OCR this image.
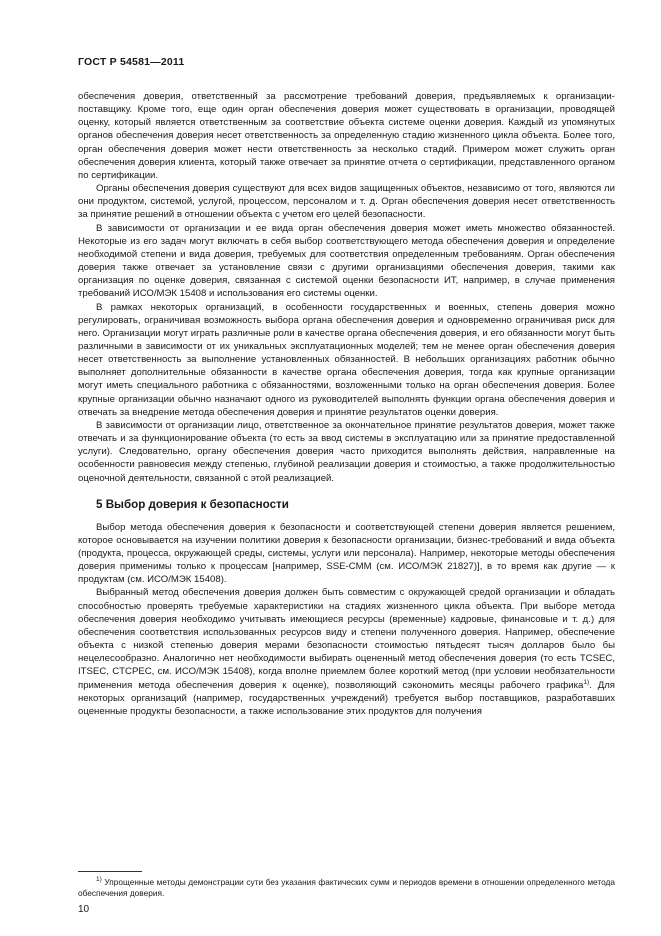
ГОСТ Р 54581—2011

обеспечения доверия, ответственный за рассмотрение требований доверия, предъявляемых к организации-поставщику. Кроме того, еще один орган обеспечения доверия может существовать в организации, проводящей оценку, который является ответственным за соответствие объекта системе оценки доверия. Каждый из упомянутых органов обеспечения доверия несет ответственность за определенную стадию жизненного цикла объекта. Более того, орган обеспечения доверия может нести ответственность за несколько стадий. Примером может служить орган обеспечения доверия клиента, который также отвечает за принятие отчета о сертификации, представленного органом по сертификации.

Органы обеспечения доверия существуют для всех видов защищенных объектов, независимо от того, являются ли они продуктом, системой, услугой, процессом, персоналом и т. д. Орган обеспечения доверия несет ответственность за принятие решений в отношении объекта с учетом его целей безопасности.

В зависимости от организации и ее вида орган обеспечения доверия может иметь множество обязанностей. Некоторые из его задач могут включать в себя выбор соответствующего метода обеспечения доверия и определение необходимой степени и вида доверия, требуемых для соответствия определенным требованиям. Орган обеспечения доверия также отвечает за установление связи с другими организациями обеспечения доверия, такими как организация по оценке доверия, связанная с системой оценки безопасности ИТ, например, в случае применения требований ИСО/МЭК 15408 и использования его системы оценки.

В рамках некоторых организаций, в особенности государственных и военных, степень доверия можно регулировать, ограничивая возможность выбора органа обеспечения доверия и одновременно ограничивая риск для него. Организации могут играть различные роли в качестве органа обеспечения доверия, и его обязанности могут быть различными в зависимости от их уникальных эксплуатационных моделей; тем не менее орган обеспечения доверия несет ответственность за выполнение установленных обязанностей. В небольших организациях работник обычно выполняет дополнительные обязанности в качестве органа обеспечения доверия, тогда как крупные организации могут иметь специального работника с обязанностями, возложенными только на орган обеспечения доверия. Более крупные организации обычно назначают одного из руководителей выполнять функции органа обеспечения доверия и отвечать за внедрение метода обеспечения доверия и принятие результатов оценки доверия.

В зависимости от организации лицо, ответственное за окончательное принятие результатов доверия, может также отвечать и за функционирование объекта (то есть за ввод системы в эксплуатацию или за принятие предоставленной услуги). Следовательно, органу обеспечения доверия часто приходится выполнять действия, направленные на особенности равновесия между степенью, глубиной реализации доверия и стоимостью, а также продолжительностью оценочной деятельности, связанной с этой реализацией.

5 Выбор доверия к безопасности

Выбор метода обеспечения доверия к безопасности и соответствующей степени доверия является решением, которое основывается на изучении политики доверия к безопасности организации, бизнес-требований и вида объекта (продукта, процесса, окружающей среды, системы, услуги или персонала). Например, некоторые методы обеспечения доверия применимы только к процессам [например, SSE-CMM (см. ИСО/МЭК 21827)], в то время как другие — к продуктам (см. ИСО/МЭК 15408).

Выбранный метод обеспечения доверия должен быть совместим с окружающей средой организации и обладать способностью проверять требуемые характеристики на стадиях жизненного цикла объекта. При выборе метода обеспечения доверия необходимо учитывать имеющиеся ресурсы (временные) кадровые, финансовые и т. д.) для обеспечения соответствия использованных ресурсов виду и степени полученного доверия. Например, обеспечение объекта с низкой степенью доверия мерами безопасности стоимостью пятьдесят тысяч долларов было бы нецелесообразно. Аналогично нет необходимости выбирать оцененный метод обеспечения доверия (то есть TCSEC, ITSEC, CTCPEC, см. ИСО/МЭК 15408), когда вполне приемлем более короткий метод (при условии необязательности применения метода обеспечения доверия к оценке), позволяющий сэкономить месяцы рабочего графика$^{1)}$. Для некоторых организаций (например, государственных учреждений) требуется выбор поставщиков, разработавших оцененные продукты безопасности, а также использование этих продуктов для получения

$^{1)}$ Упрощенные методы демонстрации сути без указания фактических сумм и периодов времени в отношении определенного метода обеспечения доверия.
10
